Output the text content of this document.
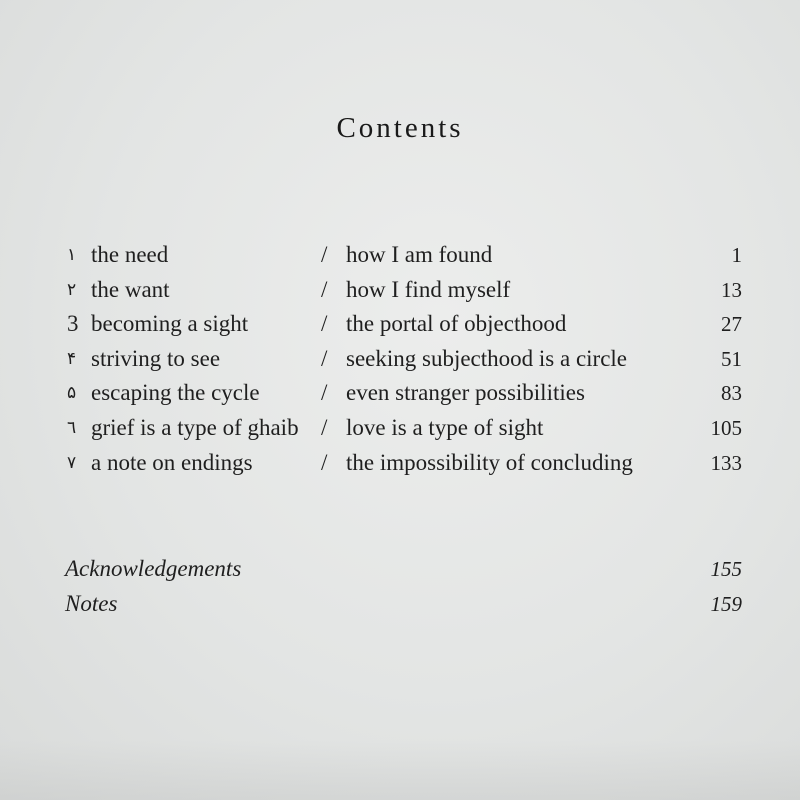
Contents
١ the need	/ how I am found	1
٢ the want	/ how I find myself	13
3 becoming a sight	/ the portal of objecthood	27
۴ striving to see	/ seeking subjecthood is a circle	51
۵ escaping the cycle	/ even stranger possibilities	83
٦ grief is a type of ghaib / love is a type of sight	105
٧ a note on endings	/ the impossibility of concluding	133
Acknowledgements	155
Notes	159
